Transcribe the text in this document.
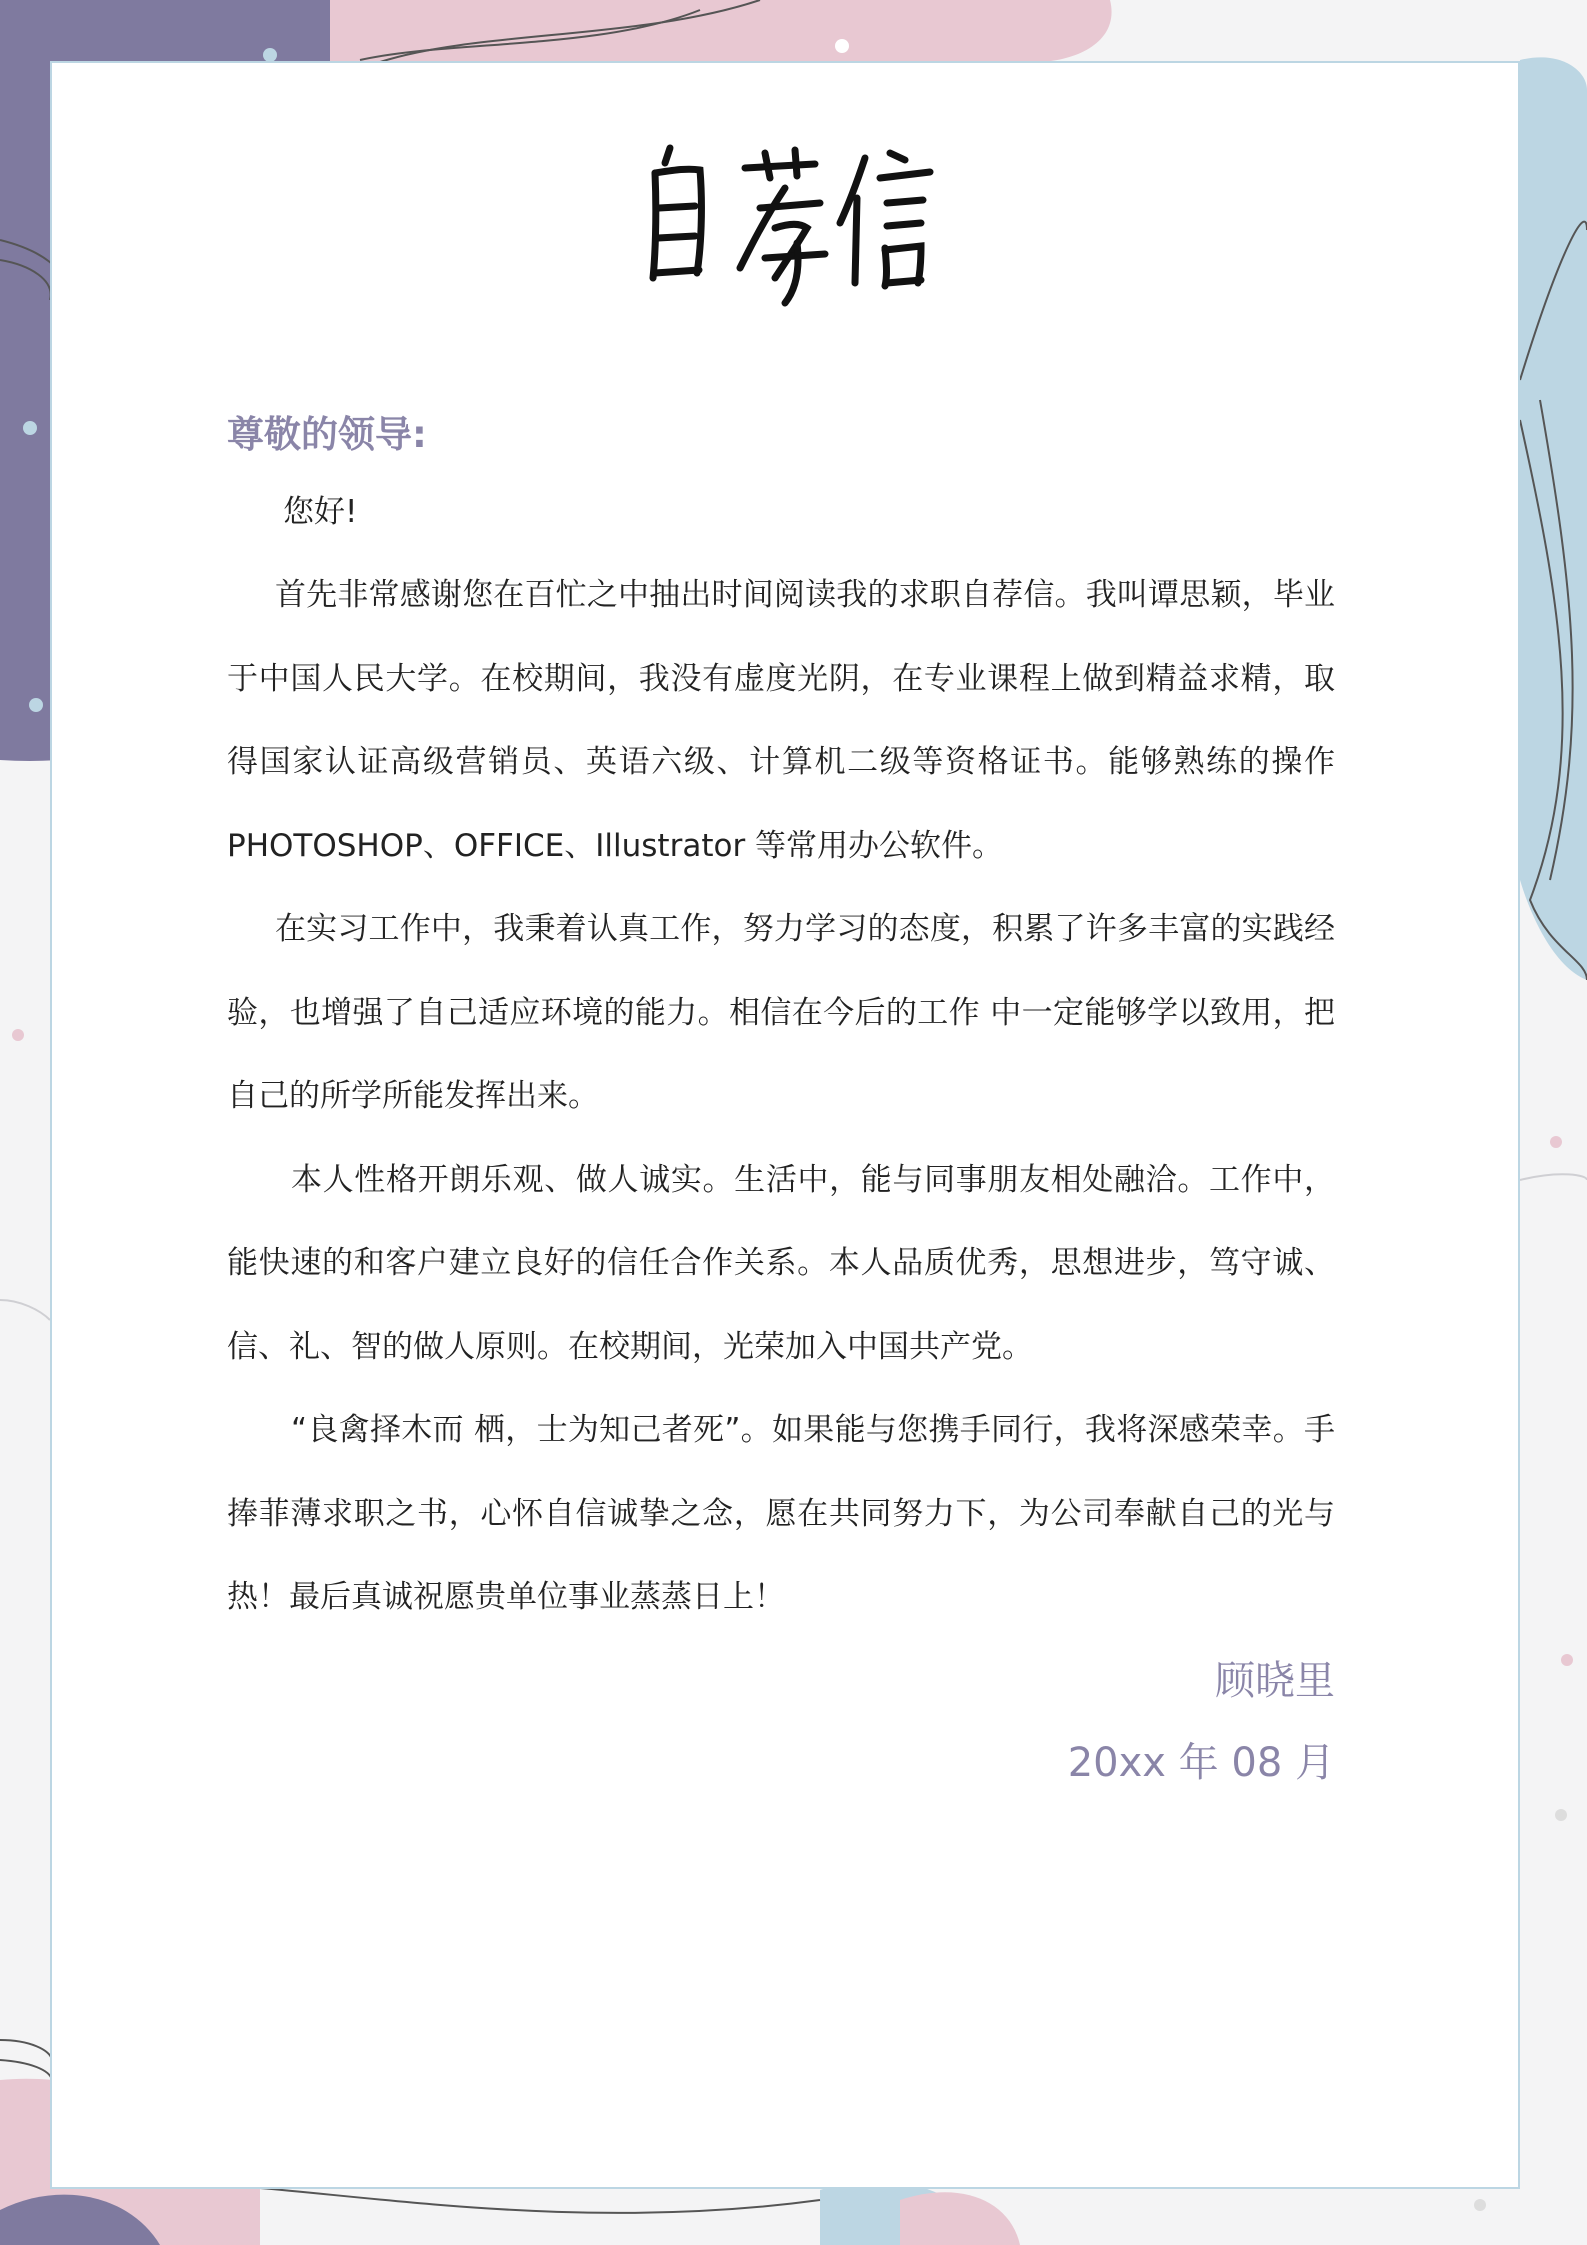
尊敬的领导:

您好!

首先非常感谢您在百忙之中抽出时间阅读我的求职自荐信。我叫谭思颖，毕业于中国人民大学。在校期间，我没有虚度光阴，在专业课程上做到精益求精，取得国家认证高级营销员、英语六级、计算机二级等资格证书。能够熟练的操作 PHOTOSHOP、OFFICE、Illustrator 等常用办公软件。

在实习工作中，我秉着认真工作，努力学习的态度，积累了许多丰富的实践经验，也增强了自己适应环境的能力。相信在今后的工作 中一定能够学以致用，把自己的所学所能发挥出来。

本人性格开朗乐观、做人诚实。生活中，能与同事朋友相处融洽。工作中，能快速的和客户建立良好的信任合作关系。本人品质优秀，思想进步，笃守诚、信、礼、智的做人原则。在校期间，光荣加入中国共产党。

“良禽择木而 栖，士为知己者死”。如果能与您携手同行，我将深感荣幸。手捧菲薄求职之书，心怀自信诚挚之念，愿在共同努力下，为公司奉献自己的光与热！最后真诚祝愿贵单位事业蒸蒸日上！

顾晓里

20xx 年 08 月
